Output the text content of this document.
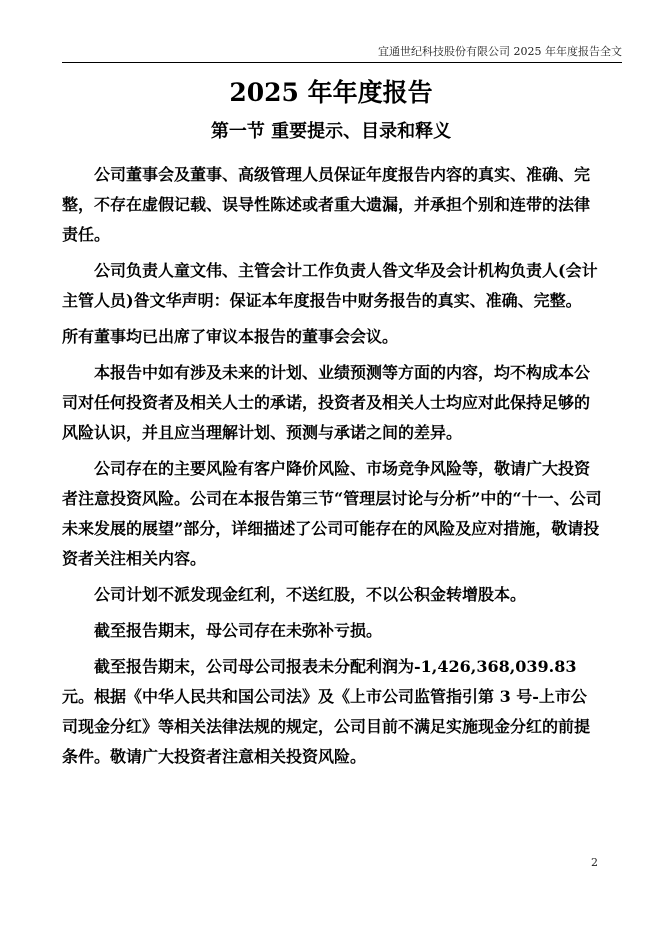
宜通世纪科技股份有限公司 2025 年年度报告全文
2025 年年度报告
第一节 重要提示、目录和释义

公司董事会及董事、高级管理人员保证年度报告内容的真实、准确、完整，不存在虚假记载、误导性陈述或者重大遗漏，并承担个别和连带的法律责任。

公司负责人童文伟、主管会计工作负责人昝文华及会计机构负责人(会计主管人员)昝文华声明：保证本年度报告中财务报告的真实、准确、完整。

所有董事均已出席了审议本报告的董事会会议。

本报告中如有涉及未来的计划、业绩预测等方面的内容，均不构成本公司对任何投资者及相关人士的承诺，投资者及相关人士均应对此保持足够的风险认识，并且应当理解计划、预测与承诺之间的差异。

公司存在的主要风险有客户降价风险、市场竞争风险等，敬请广大投资者注意投资风险。公司在本报告第三节“管理层讨论与分析”中的“十一、公司未来发展的展望”部分，详细描述了公司可能存在的风险及应对措施，敬请投资者关注相关内容。

公司计划不派发现金红利，不送红股，不以公积金转增股本。

截至报告期末，母公司存在未弥补亏损。

截至报告期末，公司母公司报表未分配利润为-1,426,368,039.83 元。根据《中华人民共和国公司法》及《上市公司监管指引第 3 号-上市公司现金分红》等相关法律法规的规定，公司目前不满足实施现金分红的前提条件。敬请广大投资者注意相关投资风险。

2
